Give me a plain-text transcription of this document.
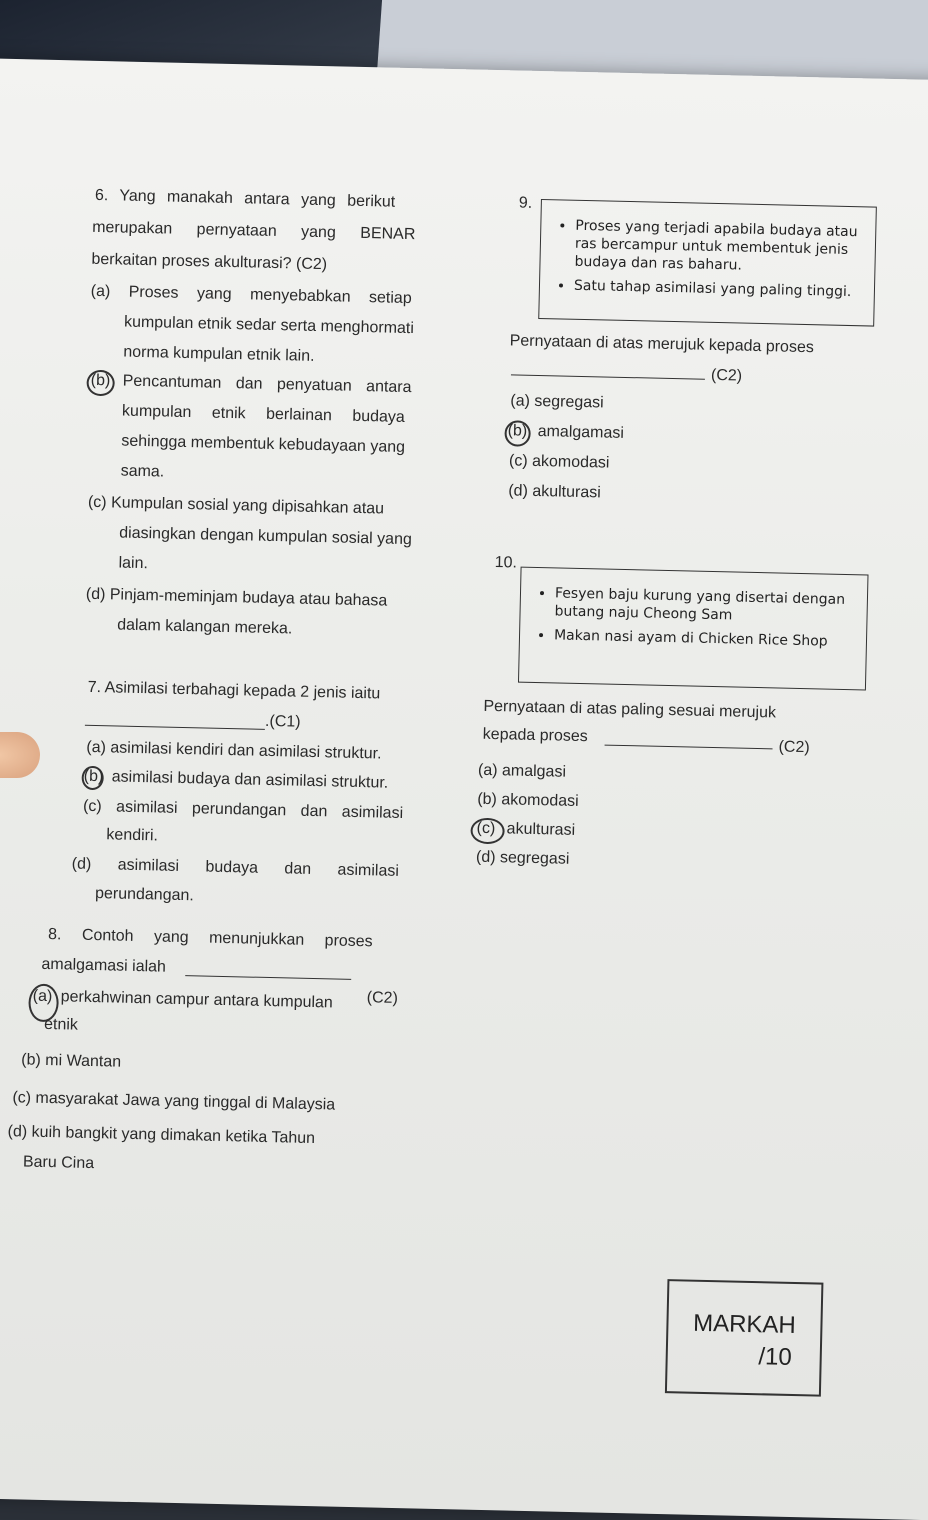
6. Yang manakah antara yang berikut
merupakan pernyataan yang BENAR
berkaitan proses akulturasi? (C2)
(a) Proses yang menyebabkan setiap
kumpulan etnik sedar serta menghormati
norma kumpulan etnik lain.
(b) Pencantuman dan penyatuan antara
kumpulan etnik berlainan budaya
sehingga membentuk kebudayaan yang
sama.
(c) Kumpulan sosial yang dipisahkan atau
diasingkan dengan kumpulan sosial yang
lain.
(d) Pinjam-meminjam budaya atau bahasa
dalam kalangan mereka.
9.
• Proses yang terjadi apabila budaya atau ras bercampur untuk membentuk jenis budaya dan ras baharu.
• Satu tahap asimilasi yang paling tinggi.
Pernyataan di atas merujuk kepada proses
(C2)
(a) segregasi
(b) amalgamasi
(c) akomodasi
(d) akulturasi
10.
• Fesyen baju kurung yang disertai dengan butang naju Cheong Sam
• Makan nasi ayam di Chicken Rice Shop
Pernyataan di atas paling sesuai merujuk
kepada proses
(C2)
(a) amalgasi
(b) akomodasi
(c) akulturasi
(d) segregasi
7. Asimilasi terbahagi kepada 2 jenis iaitu
.(C1)
(a) asimilasi kendiri dan asimilasi struktur.
(b) asimilasi budaya dan asimilasi struktur.
(c) asimilasi perundangan dan asimilasi
kendiri.
(d) asimilasi budaya dan asimilasi
perundangan.
8. Contoh yang menunjukkan proses
amalgamasi ialah
(C2)
(a) perkahwinan campur antara kumpulan
etnik
(b) mi Wantan
(c) masyarakat Jawa yang tinggal di Malaysia
(d) kuih bangkit yang dimakan ketika Tahun
Baru Cina
MARKAH
/10
